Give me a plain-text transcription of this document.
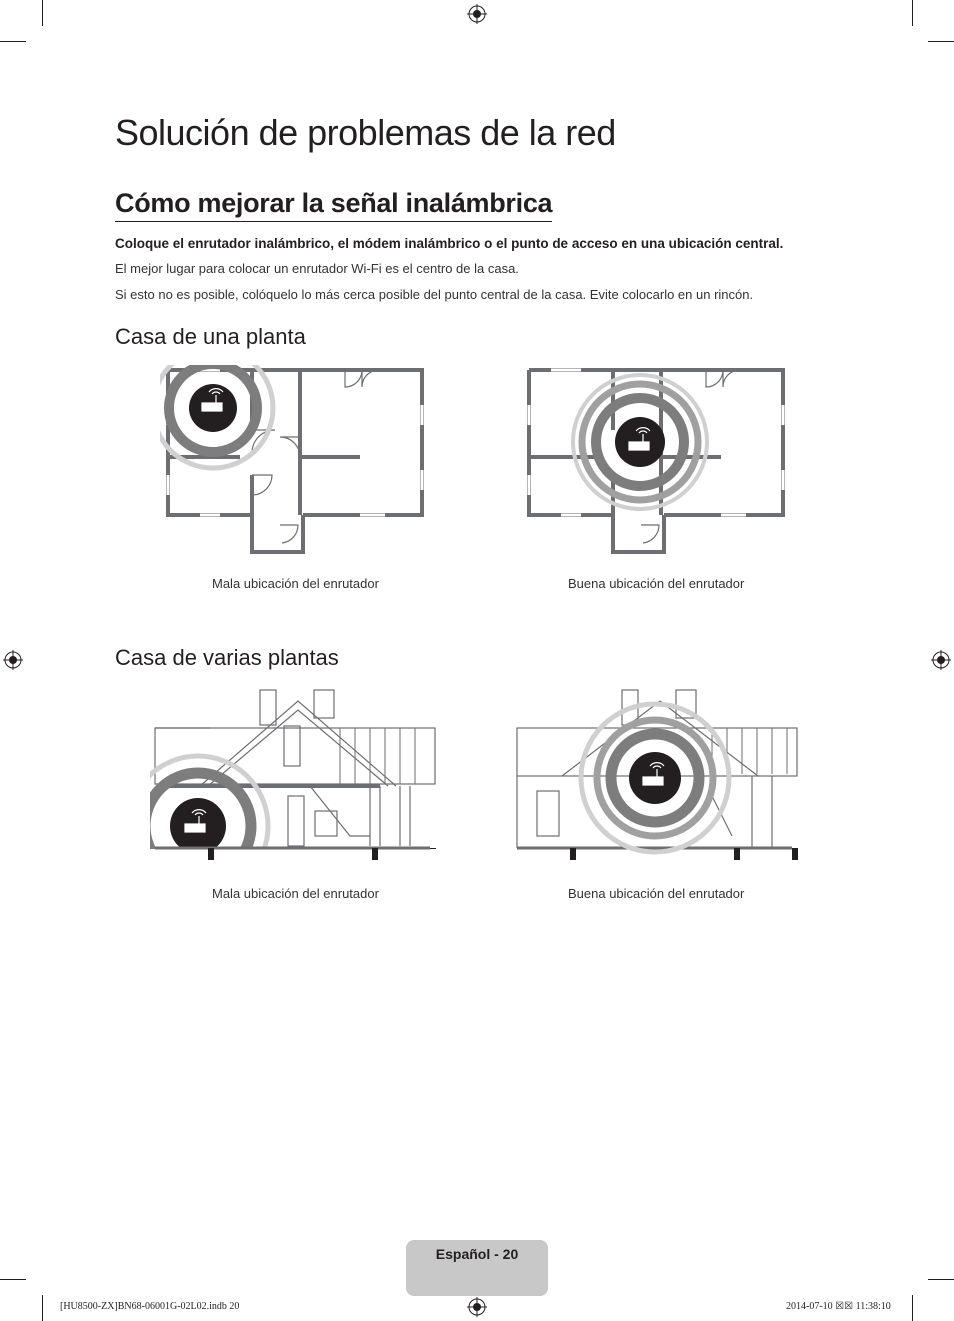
Solución de problemas de la red
Cómo mejorar la señal inalámbrica
Coloque el enrutador inalámbrico, el módem inalámbrico o el punto de acceso en una ubicación central.
El mejor lugar para colocar un enrutador Wi-Fi es el centro de la casa.
Si esto no es posible, colóquelo lo más cerca posible del punto central de la casa. Evite colocarlo en un rincón.
Casa de una planta
Mala ubicación del enrutador	Buena ubicación del enrutador
Casa de varias plantas
Mala ubicación del enrutador	Buena ubicación del enrutador
Español - 20
[HU8500-ZX]BN68-06001G-02L02.indb 20	2014-07-10 ☒☒ 11:38:10
